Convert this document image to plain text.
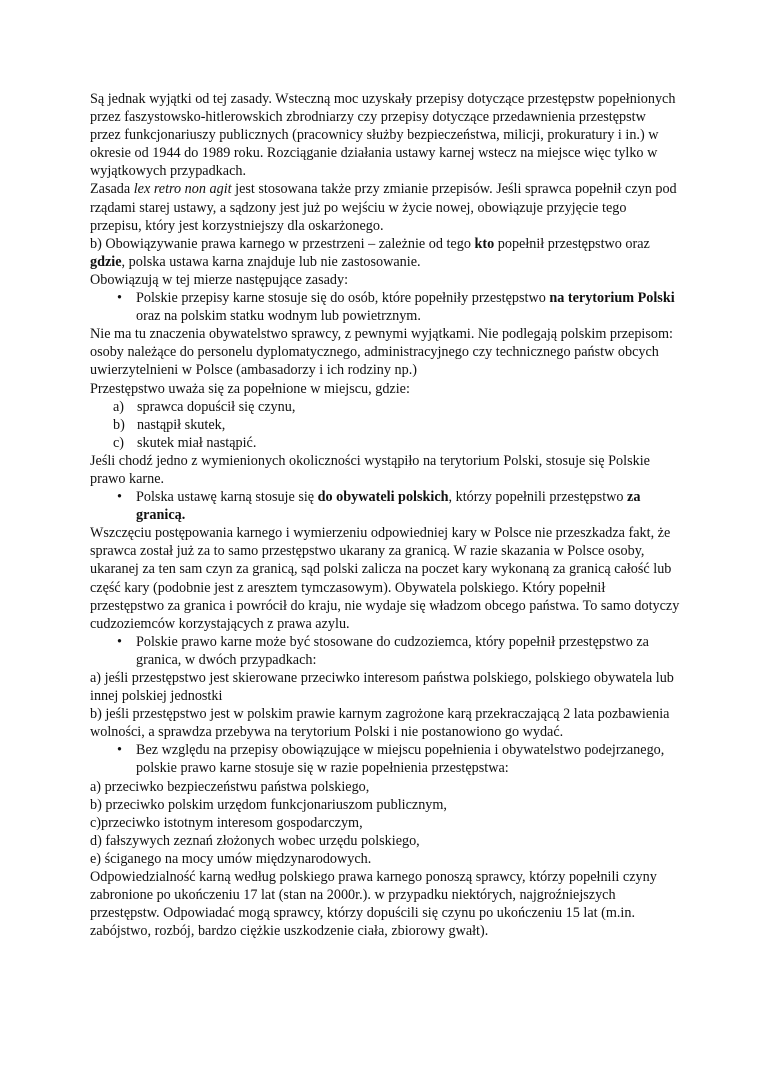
Są jednak wyjątki od tej zasady. Wsteczną moc uzyskały przepisy dotyczące przestępstw popełnionych przez faszystowsko-hitlerowskich zbrodniarzy czy przepisy dotyczące przedawnienia przestępstw przez funkcjonariuszy publicznych (pracownicy służby bezpieczeństwa, milicji, prokuratury i in.) w okresie od 1944 do 1989 roku. Rozciąganie działania ustawy karnej wstecz na miejsce więc tylko w wyjątkowych przypadkach.

Zasada lex retro non agit jest stosowana także przy zmianie przepisów. Jeśli sprawca popełnił czyn pod rządami starej ustawy, a sądzony jest już po wejściu w życie nowej, obowiązuje przyjęcie tego przepisu, który jest korzystniejszy dla oskarżonego.

b) Obowiązywanie prawa karnego w przestrzeni – zależnie od tego kto popełnił przestępstwo oraz gdzie, polska ustawa karna znajduje lub nie zastosowanie.

Obowiązują w tej mierze następujące zasady:

• Polskie przepisy karne stosuje się do osób, które popełniły przestępstwo na terytorium Polski oraz na polskim statku wodnym lub powietrznym.

Nie ma tu znaczenia obywatelstwo sprawcy, z pewnymi wyjątkami. Nie podlegają polskim przepisom: osoby należące do personelu dyplomatycznego, administracyjnego czy technicznego państw obcych uwierzytelnieni w Polsce (ambasadorzy i ich rodziny np.)

Przestępstwo uważa się za popełnione w miejscu, gdzie:

a) sprawca dopuścił się czynu,

b) nastąpił skutek,

c) skutek miał nastąpić.

Jeśli chodź jedno z wymienionych okoliczności wystąpiło na terytorium Polski, stosuje się Polskie prawo karne.

• Polska ustawę karną stosuje się do obywateli polskich, którzy popełnili przestępstwo za granicą.

Wszczęciu postępowania karnego i wymierzeniu odpowiedniej kary w Polsce nie przeszkadza fakt, że sprawca został już za to samo przestępstwo ukarany za granicą. W razie skazania w Polsce osoby, ukaranej za ten sam czyn za granicą, sąd polski zalicza na poczet kary wykonaną za granicą całość lub część kary (podobnie jest z aresztem tymczasowym). Obywatela polskiego. Który popełnił przestępstwo za granica i powrócił do kraju, nie wydaje się władzom obcego państwa. To samo dotyczy cudzoziemców korzystających z prawa azylu.

• Polskie prawo karne może być stosowane do cudzoziemca, który popełnił przestępstwo za granica, w dwóch przypadkach:

a) jeśli przestępstwo jest skierowane przeciwko interesom państwa polskiego, polskiego obywatela lub innej polskiej jednostki

b) jeśli przestępstwo jest w polskim prawie karnym zagrożone karą przekraczającą 2 lata pozbawienia wolności, a sprawdza przebywa na terytorium Polski i nie postanowiono go wydać.

• Bez względu na przepisy obowiązujące w miejscu popełnienia i obywatelstwo podejrzanego, polskie prawo karne stosuje się w razie popełnienia przestępstwa:

a) przeciwko bezpieczeństwu państwa polskiego,

b) przeciwko polskim urzędom funkcjonariuszom publicznym,

c)przeciwko istotnym interesom gospodarczym,

d) fałszywych zeznań złożonych wobec urzędu polskiego,

e) ściganego na mocy umów międzynarodowych.

Odpowiedzialność karną według polskiego prawa karnego ponoszą sprawcy, którzy popełnili czyny zabronione po ukończeniu 17 lat (stan na 2000r.). w przypadku niektórych, najgroźniejszych przestępstw. Odpowiadać mogą sprawcy, którzy dopuścili się czynu po ukończeniu 15 lat (m.in. zabójstwo, rozbój, bardzo ciężkie uszkodzenie ciała, zbiorowy gwałt).
